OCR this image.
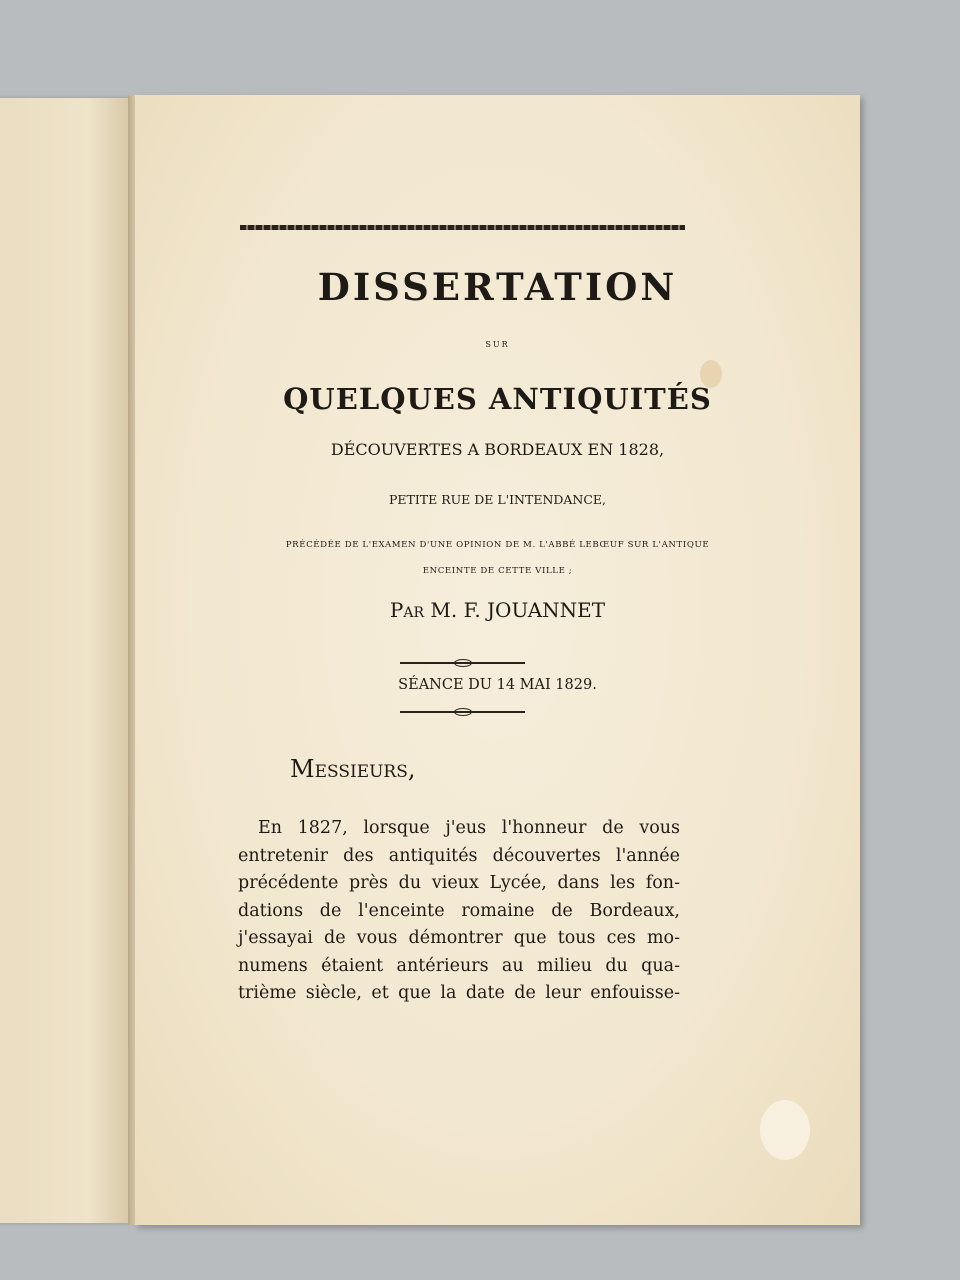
DISSERTATION
SUR
QUELQUES ANTIQUITÉS
DÉCOUVERTES A BORDEAUX EN 1828,
PETITE RUE DE L'INTENDANCE,
PRÉCÉDÉE DE L'EXAMEN D'UNE OPINION DE M. L'ABBÉ LEBŒUF SUR L'ANTIQUE
ENCEINTE DE CETTE VILLE ;
Par M. F. JOUANNET
SÉANCE DU 14 MAI 1829.
Messieurs,
En 1827, lorsque j'eus l'honneur de vous
entretenir des antiquités découvertes l'année
précédente près du vieux Lycée, dans les fon-
dations de l'enceinte romaine de Bordeaux,
j'essayai de vous démontrer que tous ces mo-
numens étaient antérieurs au milieu du qua-
trième siècle, et que la date de leur enfouisse-
